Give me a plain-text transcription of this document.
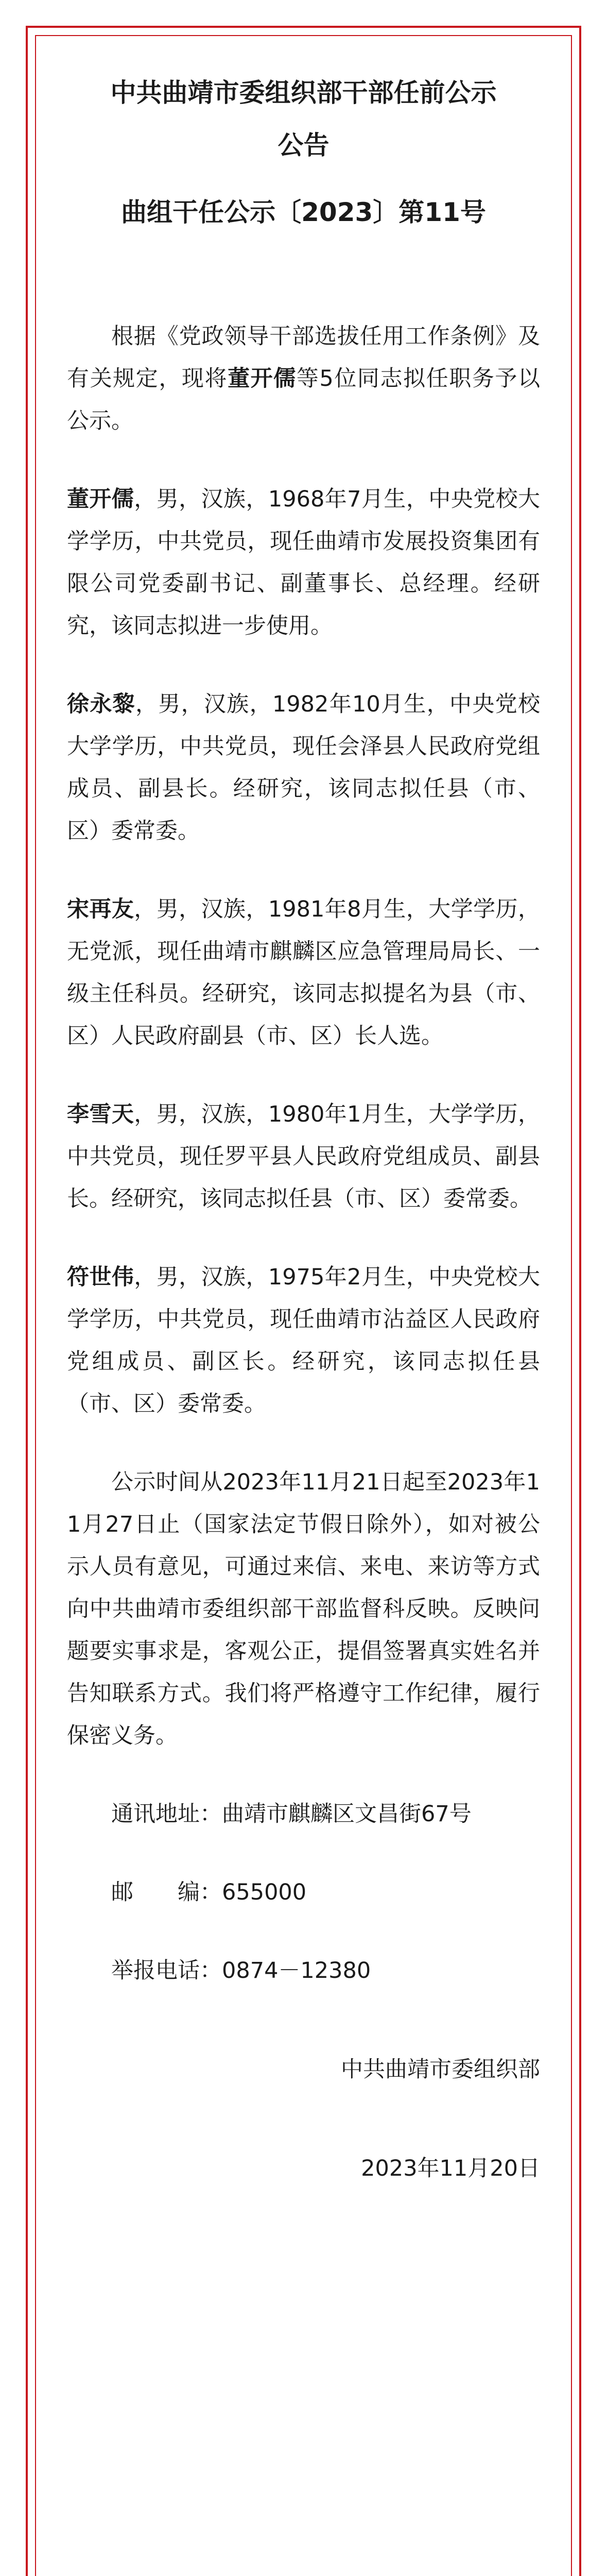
中共曲靖市委组织部干部任前公示
公告
曲组干任公示〔2023〕第11号

根据《党政领导干部选拔任用工作条例》及有关规定，现将董开儒等5位同志拟任职务予以公示。

董开儒，男，汉族，1968年7月生，中央党校大学学历，中共党员，现任曲靖市发展投资集团有限公司党委副书记、副董事长、总经理。经研究，该同志拟进一步使用。

徐永黎，男，汉族，1982年10月生，中央党校大学学历，中共党员，现任会泽县人民政府党组成员、副县长。经研究，该同志拟任县（市、区）委常委。

宋再友，男，汉族，1981年8月生，大学学历，无党派，现任曲靖市麒麟区应急管理局局长、一级主任科员。经研究，该同志拟提名为县（市、区）人民政府副县（市、区）长人选。

李雪天，男，汉族，1980年1月生，大学学历，中共党员，现任罗平县人民政府党组成员、副县长。经研究，该同志拟任县（市、区）委常委。

符世伟，男，汉族，1975年2月生，中央党校大学学历，中共党员，现任曲靖市沾益区人民政府党组成员、副区长。经研究，该同志拟任县（市、区）委常委。

公示时间从2023年11月21日起至2023年11月27日止（国家法定节假日除外），如对被公示人员有意见，可通过来信、来电、来访等方式向中共曲靖市委组织部干部监督科反映。反映问题要实事求是，客观公正，提倡签署真实姓名并告知联系方式。我们将严格遵守工作纪律，履行保密义务。

通讯地址：曲靖市麒麟区文昌街67号

邮编：655000

举报电话：0874－12380

中共曲靖市委组织部

2023年11月20日
